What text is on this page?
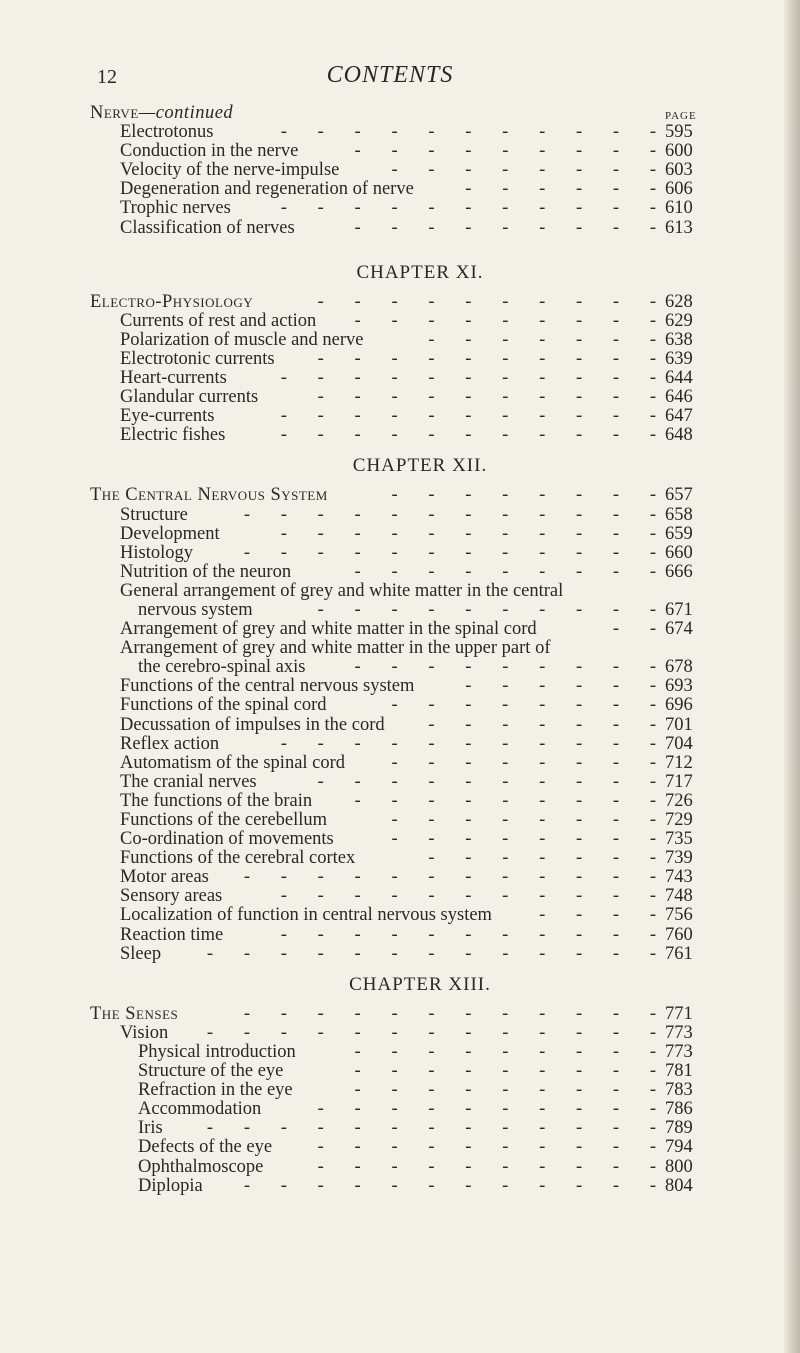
12	CONTENTS
Nerve—continued	PAGE
Electrotonus	-  -  -  -  -  -  -  -  -  -  - 595
Conduction in the nerve	-  -  -  -  -  -  -  -  - 600
Velocity of the nerve-impulse	-  -  -  -  -  -  -  - 603
Degeneration and regeneration of nerve	-  -  -  -  -  - 606
Trophic nerves	-  -  -  -  -  -  -  -  -  -  - 610
Classification of nerves	-  -  -  -  -  -  -  -  - 613
CHAPTER XI.
Electro-Physiology	-  -  -  -  -  -  -  -  -  - 628
Currents of rest and action	-  -  -  -  -  -  -  -  - 629
Polarization of muscle and nerve	-  -  -  -  -  -  - 638
Electrotonic currents	-  -  -  -  -  -  -  -  -  - 639
Heart-currents	-  -  -  -  -  -  -  -  -  -  - 644
Glandular currents	-  -  -  -  -  -  -  -  -  - 646
Eye-currents	-  -  -  -  -  -  -  -  -  -  - 647
Electric fishes	-  -  -  -  -  -  -  -  -  -  - 648
CHAPTER XII.
The Central Nervous System	-  -  -  -  -  -  -  - 657
Structure	-  -  -  -  -  -  -  -  -  -  -  - 658
Development	-  -  -  -  -  -  -  -  -  -  - 659
Histology	-  -  -  -  -  -  -  -  -  -  -  - 660
Nutrition of the neuron	-  -  -  -  -  -  -  -  - 666
General arrangement of grey and white matter in the central
nervous system	-  -  -  -  -  -  -  -  -  - 671
Arrangement of grey and white matter in the spinal cord	-  - 674
Arrangement of grey and white matter in the upper part of
the cerebro-spinal axis	-  -  -  -  -  -  -  -  - 678
Functions of the central nervous system	-  -  -  -  -  - 693
Functions of the spinal cord	-  -  -  -  -  -  -  - 696
Decussation of impulses in the cord	-  -  -  -  -  -  - 701
Reflex action	-  -  -  -  -  -  -  -  -  -  - 704
Automatism of the spinal cord	-  -  -  -  -  -  -  - 712
The cranial nerves	-  -  -  -  -  -  -  -  -  - 717
The functions of the brain	-  -  -  -  -  -  -  -  - 726
Functions of the cerebellum	-  -  -  -  -  -  -  - 729
Co-ordination of movements	-  -  -  -  -  -  -  - 735
Functions of the cerebral cortex	-  -  -  -  -  -  - 739
Motor areas	-  -  -  -  -  -  -  -  -  -  -  - 743
Sensory areas	-  -  -  -  -  -  -  -  -  -  - 748
Localization of function in central nervous system	-  -  -  - 756
Reaction time	-  -  -  -  -  -  -  -  -  -  - 760
Sleep	-  -  -  -  -  -  -  -  -  -  -  -  - 761
CHAPTER XIII.
The Senses	-  -  -  -  -  -  -  -  -  -  -  - 771
Vision	-  -  -  -  -  -  -  -  -  -  -  -  - 773
Physical introduction	-  -  -  -  -  -  -  -  - 773
Structure of the eye	-  -  -  -  -  -  -  -  - 781
Refraction in the eye	-  -  -  -  -  -  -  -  - 783
Accommodation	-  -  -  -  -  -  -  -  -  - 786
Iris	-  -  -  -  -  -  -  -  -  -  -  -  - 789
Defects of the eye	-  -  -  -  -  -  -  -  -  - 794
Ophthalmoscope	-  -  -  -  -  -  -  -  -  - 800
Diplopia	-  -  -  -  -  -  -  -  -  -  -  - 804
